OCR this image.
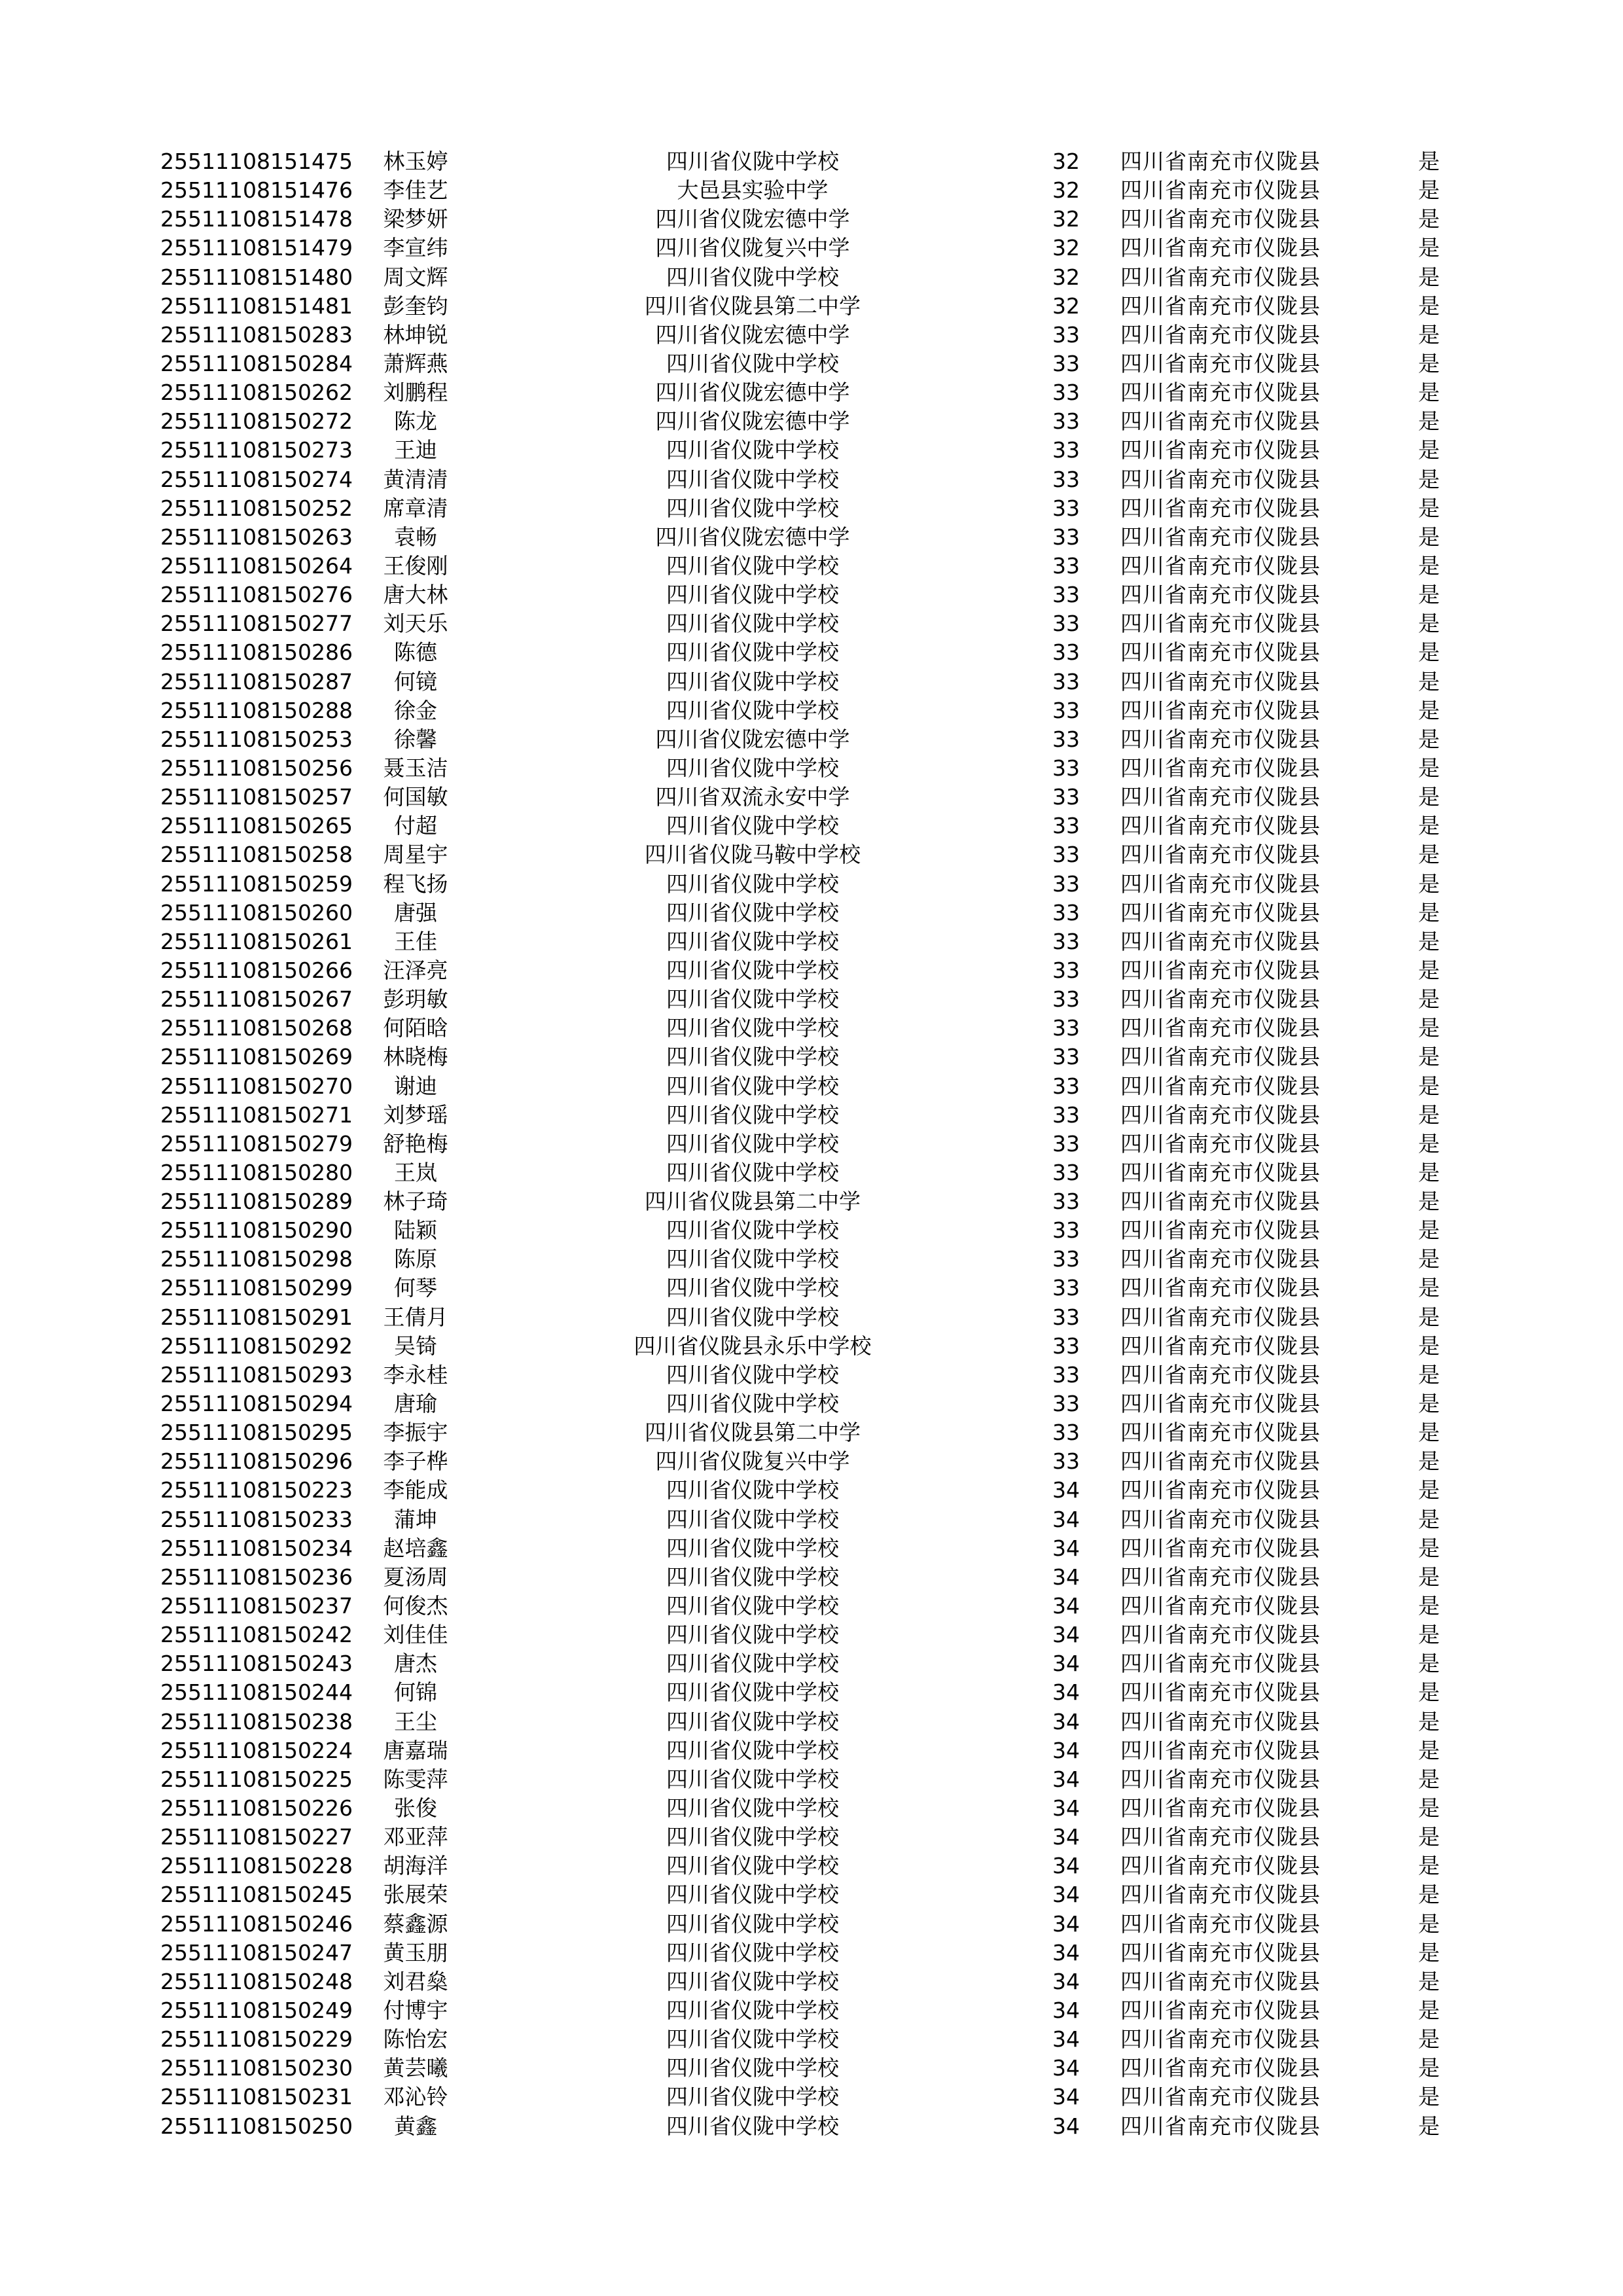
25511108151475	林玉婷	四川省仪陇中学校	32 四川省南充市仪陇县	是
25511108151476	李佳艺	大邑县实验中学	32 四川省南充市仪陇县	是
25511108151478	梁梦妍	四川省仪陇宏德中学	32 四川省南充市仪陇县	是
25511108151479	李宣纬	四川省仪陇复兴中学	32 四川省南充市仪陇县	是
25511108151480	周文辉	四川省仪陇中学校	32 四川省南充市仪陇县	是
25511108151481	彭奎钧	四川省仪陇县第二中学	32 四川省南充市仪陇县	是
25511108150283	林坤锐	四川省仪陇宏德中学	33 四川省南充市仪陇县	是
25511108150284	萧辉燕	四川省仪陇中学校	33 四川省南充市仪陇县	是
25511108150262	刘鹏程	四川省仪陇宏德中学	33 四川省南充市仪陇县	是
25511108150272	陈龙	四川省仪陇宏德中学	33 四川省南充市仪陇县	是
25511108150273	王迪	四川省仪陇中学校	33 四川省南充市仪陇县	是
25511108150274	黄清清	四川省仪陇中学校	33 四川省南充市仪陇县	是
25511108150252	席章清	四川省仪陇中学校	33 四川省南充市仪陇县	是
25511108150263	袁畅	四川省仪陇宏德中学	33 四川省南充市仪陇县	是
25511108150264	王俊刚	四川省仪陇中学校	33 四川省南充市仪陇县	是
25511108150276	唐大林	四川省仪陇中学校	33 四川省南充市仪陇县	是
25511108150277	刘天乐	四川省仪陇中学校	33 四川省南充市仪陇县	是
25511108150286	陈德	四川省仪陇中学校	33 四川省南充市仪陇县	是
25511108150287	何镜	四川省仪陇中学校	33 四川省南充市仪陇县	是
25511108150288	徐金	四川省仪陇中学校	33 四川省南充市仪陇县	是
25511108150253	徐馨	四川省仪陇宏德中学	33 四川省南充市仪陇县	是
25511108150256	聂玉洁	四川省仪陇中学校	33 四川省南充市仪陇县	是
25511108150257	何国敏	四川省双流永安中学	33 四川省南充市仪陇县	是
25511108150265	付超	四川省仪陇中学校	33 四川省南充市仪陇县	是
25511108150258	周星宇	四川省仪陇马鞍中学校	33 四川省南充市仪陇县	是
25511108150259	程飞扬	四川省仪陇中学校	33 四川省南充市仪陇县	是
25511108150260	唐强	四川省仪陇中学校	33 四川省南充市仪陇县	是
25511108150261	王佳	四川省仪陇中学校	33 四川省南充市仪陇县	是
25511108150266	汪泽亮	四川省仪陇中学校	33 四川省南充市仪陇县	是
25511108150267	彭玥敏	四川省仪陇中学校	33 四川省南充市仪陇县	是
25511108150268	何陌晗	四川省仪陇中学校	33 四川省南充市仪陇县	是
25511108150269	林晓梅	四川省仪陇中学校	33 四川省南充市仪陇县	是
25511108150270	谢迪	四川省仪陇中学校	33 四川省南充市仪陇县	是
25511108150271	刘梦瑶	四川省仪陇中学校	33 四川省南充市仪陇县	是
25511108150279	舒艳梅	四川省仪陇中学校	33 四川省南充市仪陇县	是
25511108150280	王岚	四川省仪陇中学校	33 四川省南充市仪陇县	是
25511108150289	林子琦	四川省仪陇县第二中学	33 四川省南充市仪陇县	是
25511108150290	陆颖	四川省仪陇中学校	33 四川省南充市仪陇县	是
25511108150298	陈原	四川省仪陇中学校	33 四川省南充市仪陇县	是
25511108150299	何琴	四川省仪陇中学校	33 四川省南充市仪陇县	是
25511108150291	王倩月	四川省仪陇中学校	33 四川省南充市仪陇县	是
25511108150292	吴锜	四川省仪陇县永乐中学校	33 四川省南充市仪陇县	是
25511108150293	李永桂	四川省仪陇中学校	33 四川省南充市仪陇县	是
25511108150294	唐瑜	四川省仪陇中学校	33 四川省南充市仪陇县	是
25511108150295	李振宇	四川省仪陇县第二中学	33 四川省南充市仪陇县	是
25511108150296	李子桦	四川省仪陇复兴中学	33 四川省南充市仪陇县	是
25511108150223	李能成	四川省仪陇中学校	34 四川省南充市仪陇县	是
25511108150233	蒲坤	四川省仪陇中学校	34 四川省南充市仪陇县	是
25511108150234	赵培鑫	四川省仪陇中学校	34 四川省南充市仪陇县	是
25511108150236	夏汤周	四川省仪陇中学校	34 四川省南充市仪陇县	是
25511108150237	何俊杰	四川省仪陇中学校	34 四川省南充市仪陇县	是
25511108150242	刘佳佳	四川省仪陇中学校	34 四川省南充市仪陇县	是
25511108150243	唐杰	四川省仪陇中学校	34 四川省南充市仪陇县	是
25511108150244	何锦	四川省仪陇中学校	34 四川省南充市仪陇县	是
25511108150238	王尘	四川省仪陇中学校	34 四川省南充市仪陇县	是
25511108150224	唐嘉瑞	四川省仪陇中学校	34 四川省南充市仪陇县	是
25511108150225	陈雯萍	四川省仪陇中学校	34 四川省南充市仪陇县	是
25511108150226	张俊	四川省仪陇中学校	34 四川省南充市仪陇县	是
25511108150227	邓亚萍	四川省仪陇中学校	34 四川省南充市仪陇县	是
25511108150228	胡海洋	四川省仪陇中学校	34 四川省南充市仪陇县	是
25511108150245	张展荣	四川省仪陇中学校	34 四川省南充市仪陇县	是
25511108150246	蔡鑫源	四川省仪陇中学校	34 四川省南充市仪陇县	是
25511108150247	黄玉朋	四川省仪陇中学校	34 四川省南充市仪陇县	是
25511108150248	刘君燊	四川省仪陇中学校	34 四川省南充市仪陇县	是
25511108150249	付博宇	四川省仪陇中学校	34 四川省南充市仪陇县	是
25511108150229	陈怡宏	四川省仪陇中学校	34 四川省南充市仪陇县	是
25511108150230	黄芸曦	四川省仪陇中学校	34 四川省南充市仪陇县	是
25511108150231	邓沁铃	四川省仪陇中学校	34 四川省南充市仪陇县	是
25511108150250	黄鑫	四川省仪陇中学校	34 四川省南充市仪陇县	是
